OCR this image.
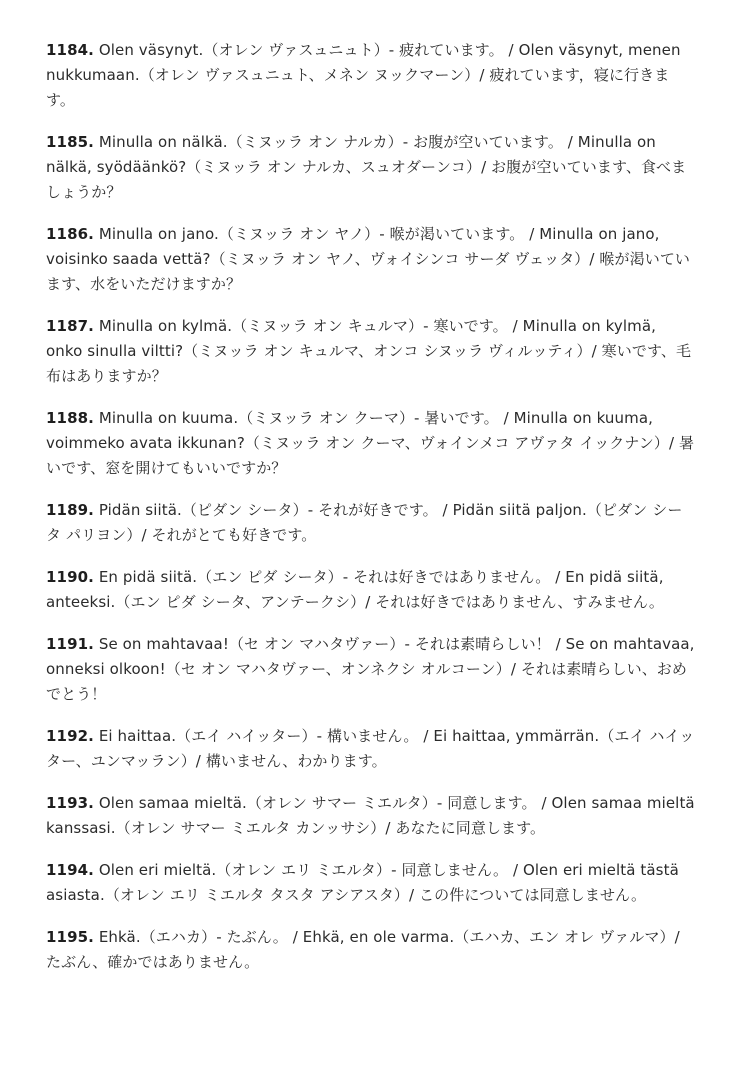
1184. Olen väsynyt.（オレン ヴァスュニュト）- 疲れています。 / Olen väsynyt, menen nukkumaan.（オレン ヴァスュニュト、メネン ヌックマーン）/ 疲れています，寝に行きます。

1185. Minulla on nälkä.（ミヌッラ オン ナルカ）- お腹が空いています。 / Minulla on nälkä, syödäänkö?（ミヌッラ オン ナルカ、スュオダーンコ）/ お腹が空いています、食べましょうか？

1186. Minulla on jano.（ミヌッラ オン ヤノ）- 喉が渇いています。 / Minulla on jano, voisinko saada vettä?（ミヌッラ オン ヤノ、ヴォイシンコ サーダ ヴェッタ）/ 喉が渇いています、水をいただけますか？

1187. Minulla on kylmä.（ミヌッラ オン キュルマ）- 寒いです。 / Minulla on kylmä, onko sinulla viltti?（ミヌッラ オン キュルマ、オンコ シヌッラ ヴィルッティ）/ 寒いです、毛布はありますか？

1188. Minulla on kuuma.（ミヌッラ オン クーマ）- 暑いです。 / Minulla on kuuma, voimmeko avata ikkunan?（ミヌッラ オン クーマ、ヴォインメコ アヴァタ イックナン）/ 暑いです、窓を開けてもいいですか？

1189. Pidän siitä.（ピダン シータ）- それが好きです。 / Pidän siitä paljon.（ピダン シータ パリヨン）/ それがとても好きです。

1190. En pidä siitä.（エン ピダ シータ）- それは好きではありません。 / En pidä siitä, anteeksi.（エン ピダ シータ、アンテークシ）/ それは好きではありません、すみません。

1191. Se on mahtavaa!（セ オン マハタヴァー）- それは素晴らしい！ / Se on mahtavaa, onneksi olkoon!（セ オン マハタヴァー、オンネクシ オルコーン）/ それは素晴らしい、おめでとう！

1192. Ei haittaa.（エイ ハイッター）- 構いません。 / Ei haittaa, ymmärrän.（エイ ハイッター、ユンマッラン）/ 構いません、わかります。

1193. Olen samaa mieltä.（オレン サマー ミエルタ）- 同意します。 / Olen samaa mieltä kanssasi.（オレン サマー ミエルタ カンッサシ）/ あなたに同意します。

1194. Olen eri mieltä.（オレン エリ ミエルタ）- 同意しません。 / Olen eri mieltä tästä asiasta.（オレン エリ ミエルタ タスタ アシアスタ）/ この件については同意しません。

1195. Ehkä.（エハカ）- たぶん。 / Ehkä, en ole varma.（エハカ、エン オレ ヴァルマ）/ たぶん、確かではありません。
